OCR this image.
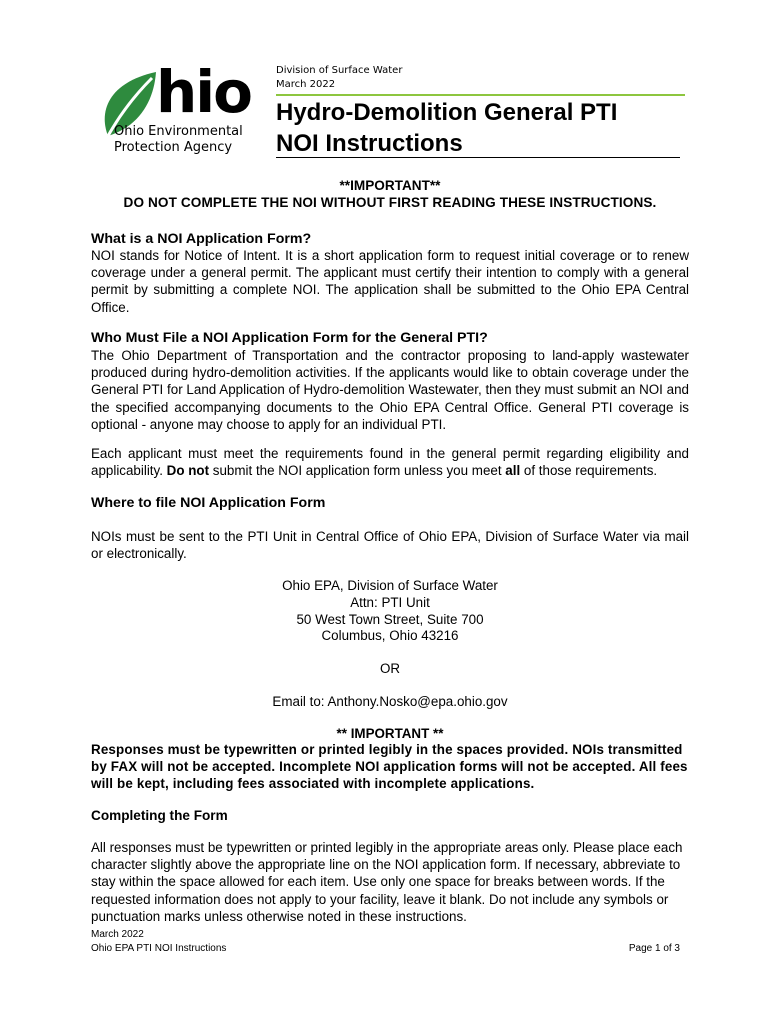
hio
Ohio Environmental
Protection Agency
Division of Surface Water
March 2022
Hydro-Demolition General PTI
NOI Instructions
**IMPORTANT**
DO NOT COMPLETE THE NOI WITHOUT FIRST READING THESE INSTRUCTIONS.
What is a NOI Application Form?
NOI stands for Notice of Intent. It is a short application form to request initial coverage or to renew coverage under a general permit. The applicant must certify their intention to comply with a general permit by submitting a complete NOI. The application shall be submitted to the Ohio EPA Central Office.
Who Must File a NOI Application Form for the General PTI?
The Ohio Department of Transportation and the contractor proposing to land-apply wastewater produced during hydro-demolition activities. If the applicants would like to obtain coverage under the General PTI for Land Application of Hydro-demolition Wastewater, then they must submit an NOI and the specified accompanying documents to the Ohio EPA Central Office. General PTI coverage is optional - anyone may choose to apply for an individual PTI.
Each applicant must meet the requirements found in the general permit regarding eligibility and applicability. Do not submit the NOI application form unless you meet all of those requirements.
Where to file NOI Application Form
NOIs must be sent to the PTI Unit in Central Office of Ohio EPA, Division of Surface Water via mail or electronically.
Ohio EPA, Division of Surface Water
Attn: PTI Unit
50 West Town Street, Suite 700
Columbus, Ohio 43216
OR
Email to: Anthony.Nosko@epa.ohio.gov
** IMPORTANT **
Responses must be typewritten or printed legibly in the spaces provided. NOIs transmitted by FAX will not be accepted. Incomplete NOI application forms will not be accepted. All fees will be kept, including fees associated with incomplete applications.
Completing the Form
All responses must be typewritten or printed legibly in the appropriate areas only. Please place each character slightly above the appropriate line on the NOI application form. If necessary, abbreviate to stay within the space allowed for each item. Use only one space for breaks between words. If the requested information does not apply to your facility, leave it blank. Do not include any symbols or punctuation marks unless otherwise noted in these instructions.
March 2022
Ohio EPA PTI NOI Instructions	Page 1 of 3
